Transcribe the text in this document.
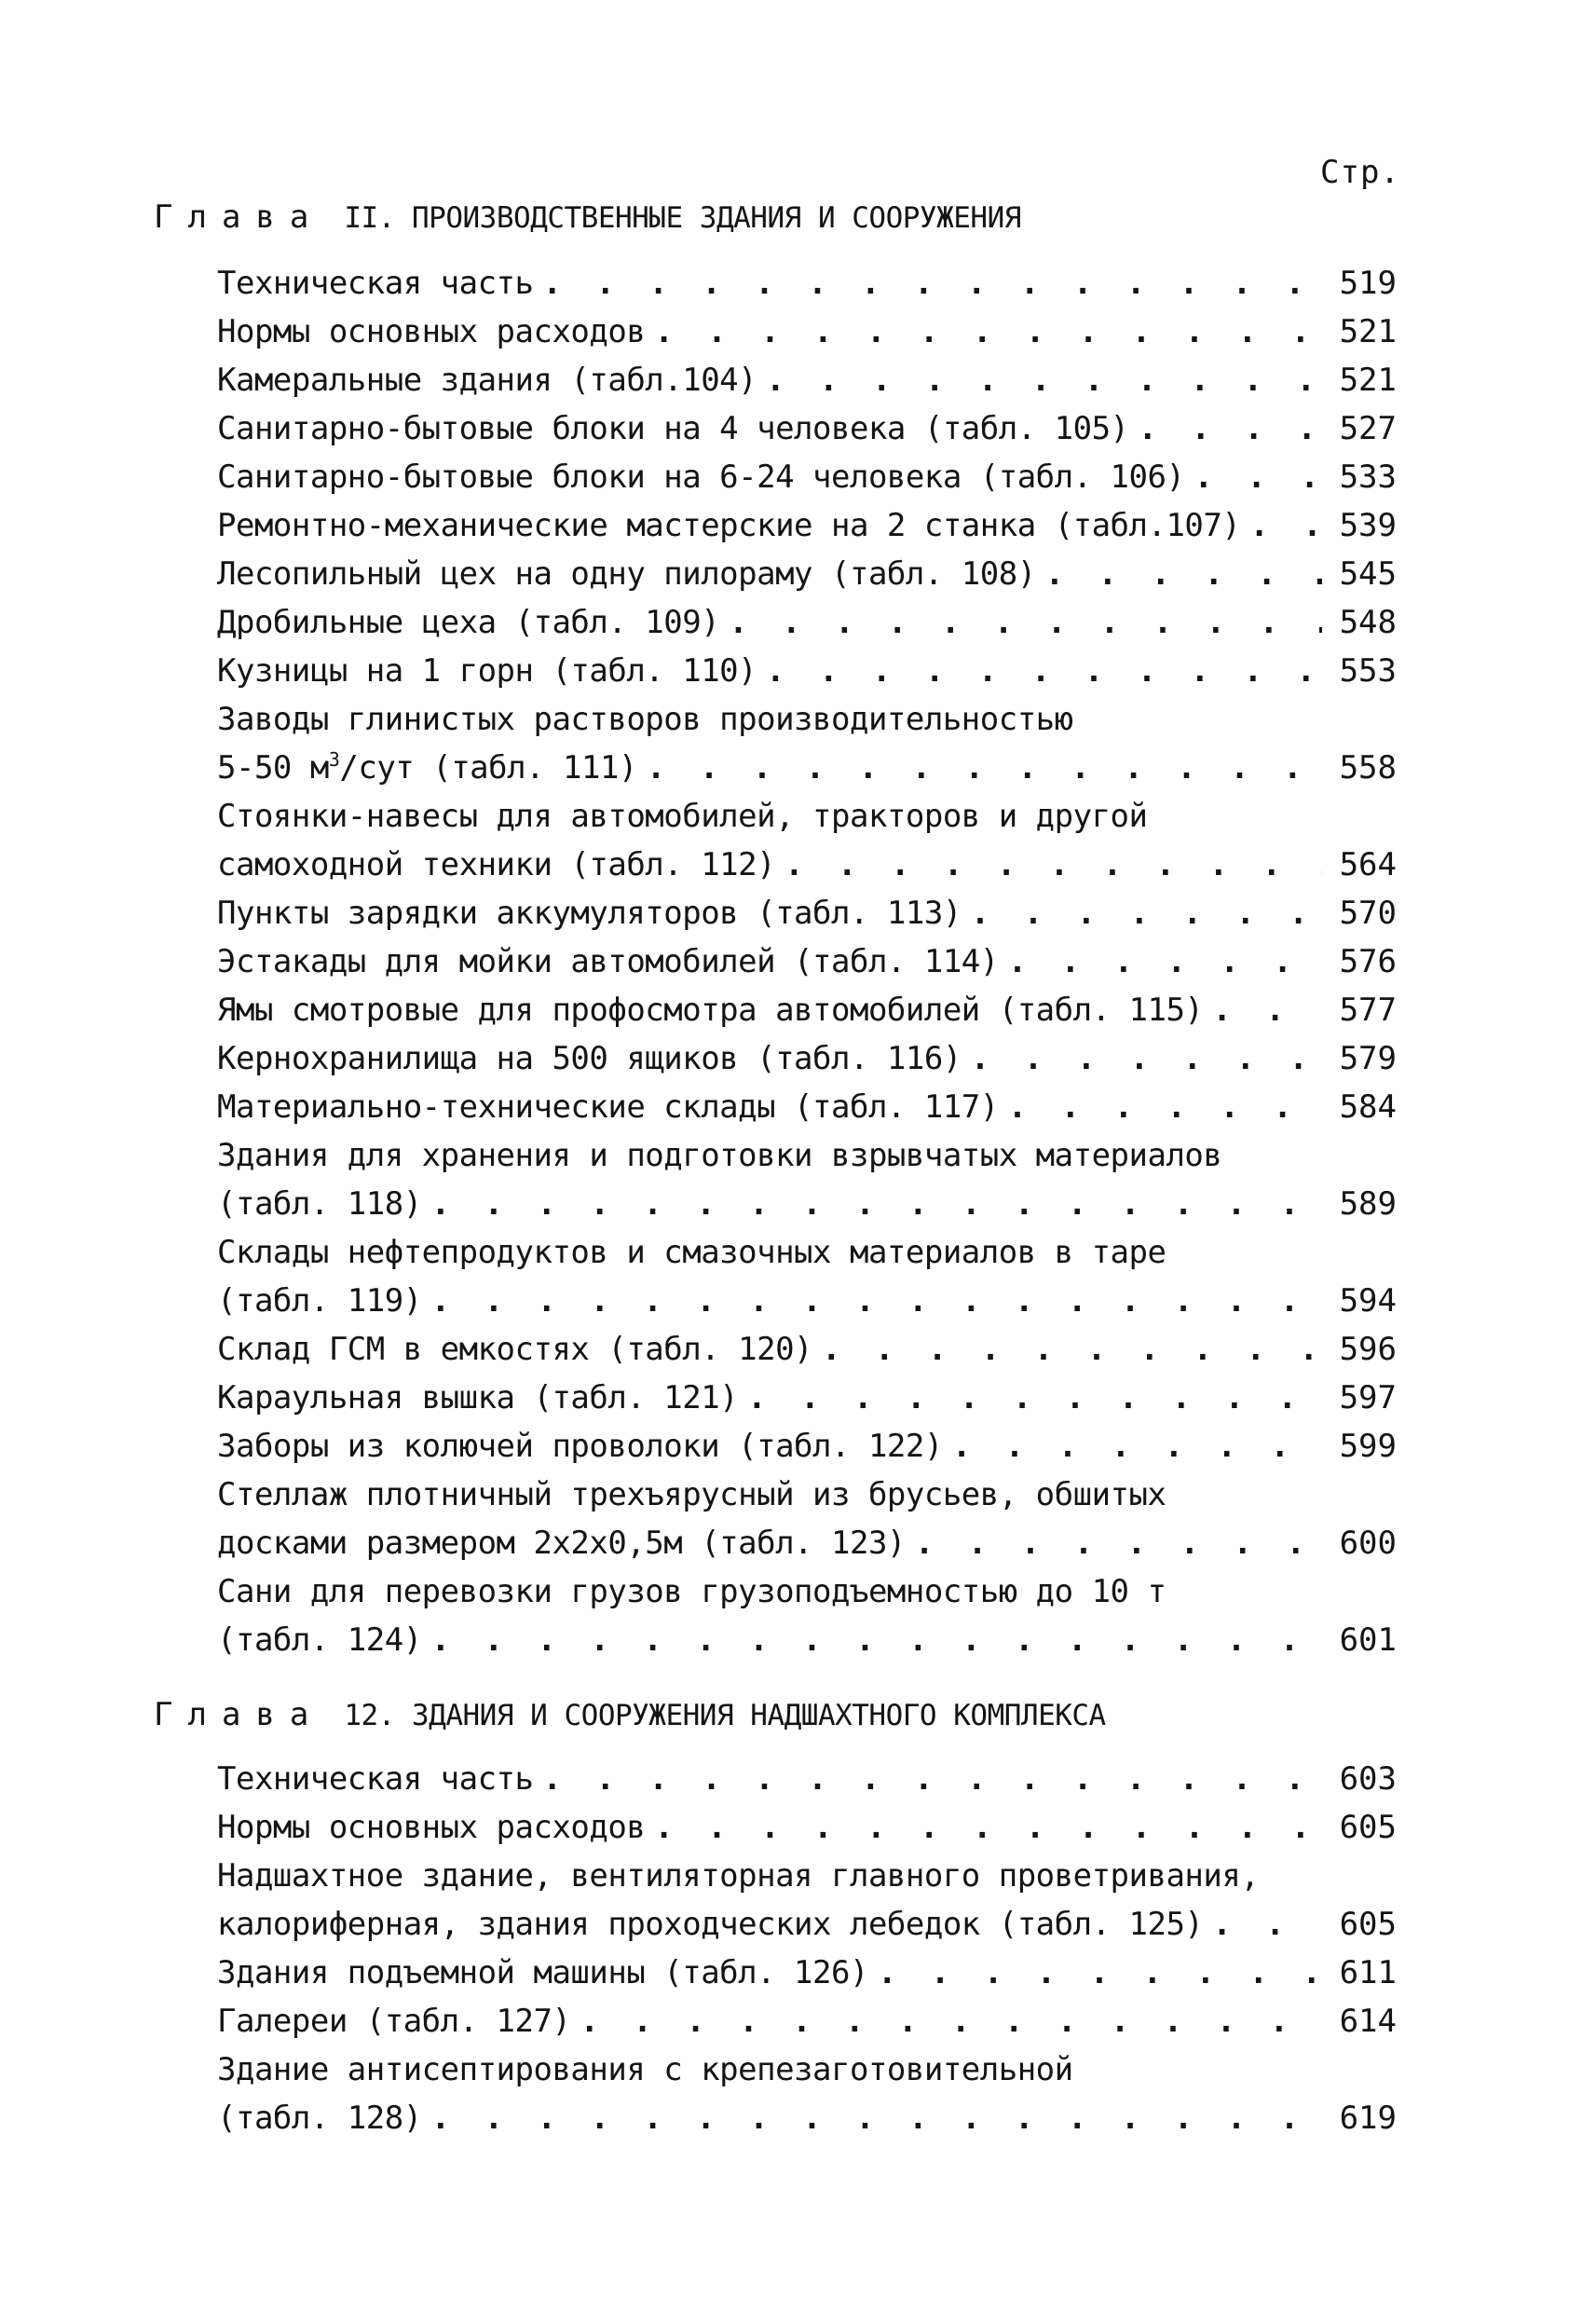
Стр.
Глава II. ПРОИЗВОДСТВЕННЫЕ ЗДАНИЯ И СООРУЖЕНИЯ
Техническая часть . . .	519
Нормы основных расходов . . .	521
Камеральные здания (табл.104) . . .	521
Санитарно-бытовые блоки на 4 человека (табл. 105) . . .	527
Санитарно-бытовые блоки на 6-24 человека (табл. 106) . . .	533
Ремонтно-механические мастерские на 2 станка (табл.107) . . .	539
Лесопильный цех на одну пилораму (табл. 108) . . .	545
Дробильные цеха (табл. 109) . . .	548
Кузницы на 1 горн (табл. 110) . . .	553
Заводы глинистых растворов производительностью
5-50 $м^3$/сут (табл. 111) . . .	558
Стоянки-навесы для автомобилей, тракторов и другой
самоходной техники (табл. 112) . . .	564
Пункты зарядки аккумуляторов (табл. 113) . . .	570
Эстакады для мойки автомобилей (табл. 114) . . .	576
Ямы смотровые для профосмотра автомобилей (табл. 115) . . .	577
Кернохранилища на 500 ящиков (табл. 116) . . .	579
Материально-технические склады (табл. 117) . . .	584
Здания для хранения и подготовки взрывчатых материалов
(табл. 118) . . .	589
Склады нефтепродуктов и смазочных материалов в таре
(табл. 119) . . .	594
Склад ГСМ в емкостях (табл. 120) . . .	596
Караульная вышка (табл. 121) . . .	597
Заборы из колючей проволоки (табл. 122) . . .	599
Стеллаж плотничный трехъярусный из брусьев, обшитых
досками размером 2х2х0,5м (табл. 123) . . .	600
Сани для перевозки грузов грузоподъемностью до 10 т
(табл. 124) . . .	601
Глава 12. ЗДАНИЯ И СООРУЖЕНИЯ НАДШАХТНОГО КОМПЛЕКСА
Техническая часть . . .	603
Нормы основных расходов . . .	605
Надшахтное здание, вентиляторная главного проветривания,
калориферная, здания проходческих лебедок (табл. 125) . . .	605
Здания подъемной машины (табл. 126) . . .	611
Галереи (табл. 127) . . .	614
Здание антисептирования с крепезаготовительной
(табл. 128) . . .	619
